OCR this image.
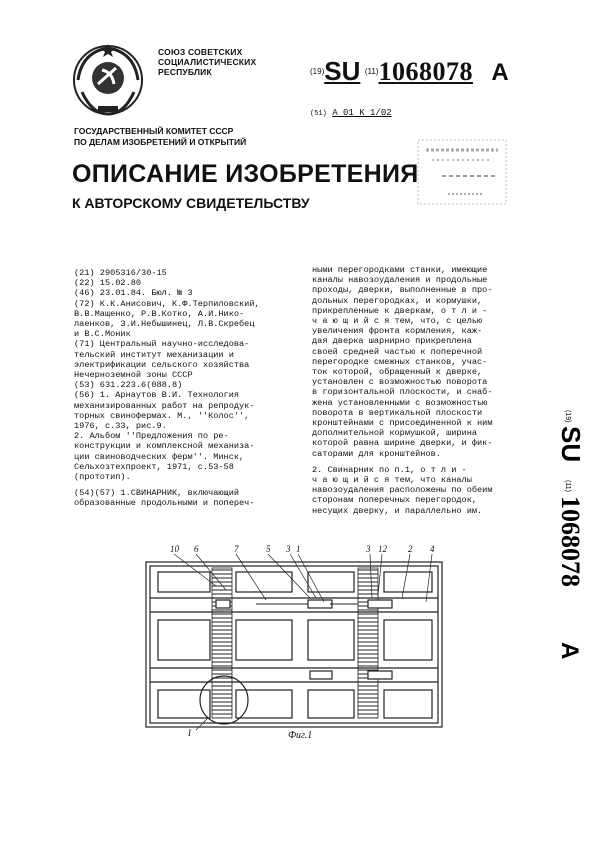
СОЮЗ СОВЕТСКИХ
СОЦИАЛИСТИЧЕСКИХ
РЕСПУБЛИК	$^{(19)}$SU $^{(11)}$1068078 A
(51) A 01 K 1/02
ГОСУДАРСТВЕННЫЙ КОМИТЕТ СССР
ПО ДЕЛАМ ИЗОБРЕТЕНИЙ И ОТКРЫТИЙ
ОПИСАНИЕ ИЗОБРЕТЕНИЯ
К АВТОРСКОМУ СВИДЕТЕЛЬСТВУ
(21) 2905316/30-15
(22) 15.02.80
(46) 23.01.84. Бюл. № 3
(72) К.К.Анисович, К.Ф.Терпиловский,
В.В.Мащенко, Р.В.Котко, А.И.Нико-
лаенков, З.И.Небышинец, Л.В.Скребец
и В.С.Моник
(71) Центральный научно-исследова-
тельский институт механизации и
электрификации сельского хозяйства
Нечерноземной зоны СССР
(53) 631.223.6(088.8)
(56) 1. Арнаутов В.И. Технология
механизированных работ на репродук-
торных свинофермах. М., ''Колос'',
1976, с.33, рис.9.
2. Альбом ''Предложения по ре-
конструкции и комплексной механиза-
ции свиноводческих ферм''. Минск,
Сельхозтехпроект, 1971, с.53-58
(прототип).
(54)(57) 1.СВИНАРНИК, включающий
образованные продольными и попереч-
ными перегородками станки, имеющие
каналы навозоудаления и продольные
проходы, дверки, выполненные в про-
дольных перегородках, и кормушки,
прикрепленные к дверкам, о т л и -
ч а ю щ и й с я тем, что, с целью
увеличения фронта кормления, каж-
дая дверка шарнирно прикреплена
своей средней частью к поперечной
перегородке смежных станков, учас-
ток которой, обращенный к дверке,
установлен с возможностью поворота
в горизонтальной плоскости, и снаб-
жена установленными с возможностью
поворота в вертикальной плоскости
кронштейнами с присоединенной к ним
дополнительной кормушкой, ширина
которой равна ширине дверки, и фик-
саторами для кронштейнов.
2. Свинарник по п.1, о т л и -
ч а ю щ и й с я тем, что каналы
навозоудаления расположены по обеим
сторонам поперечных перегородок,
несущих дверку, и параллельно им.
(19)
SU
(11)
1068078
A
10 6	7	5 3 1	3 12 2 4
I	Фиг.1
